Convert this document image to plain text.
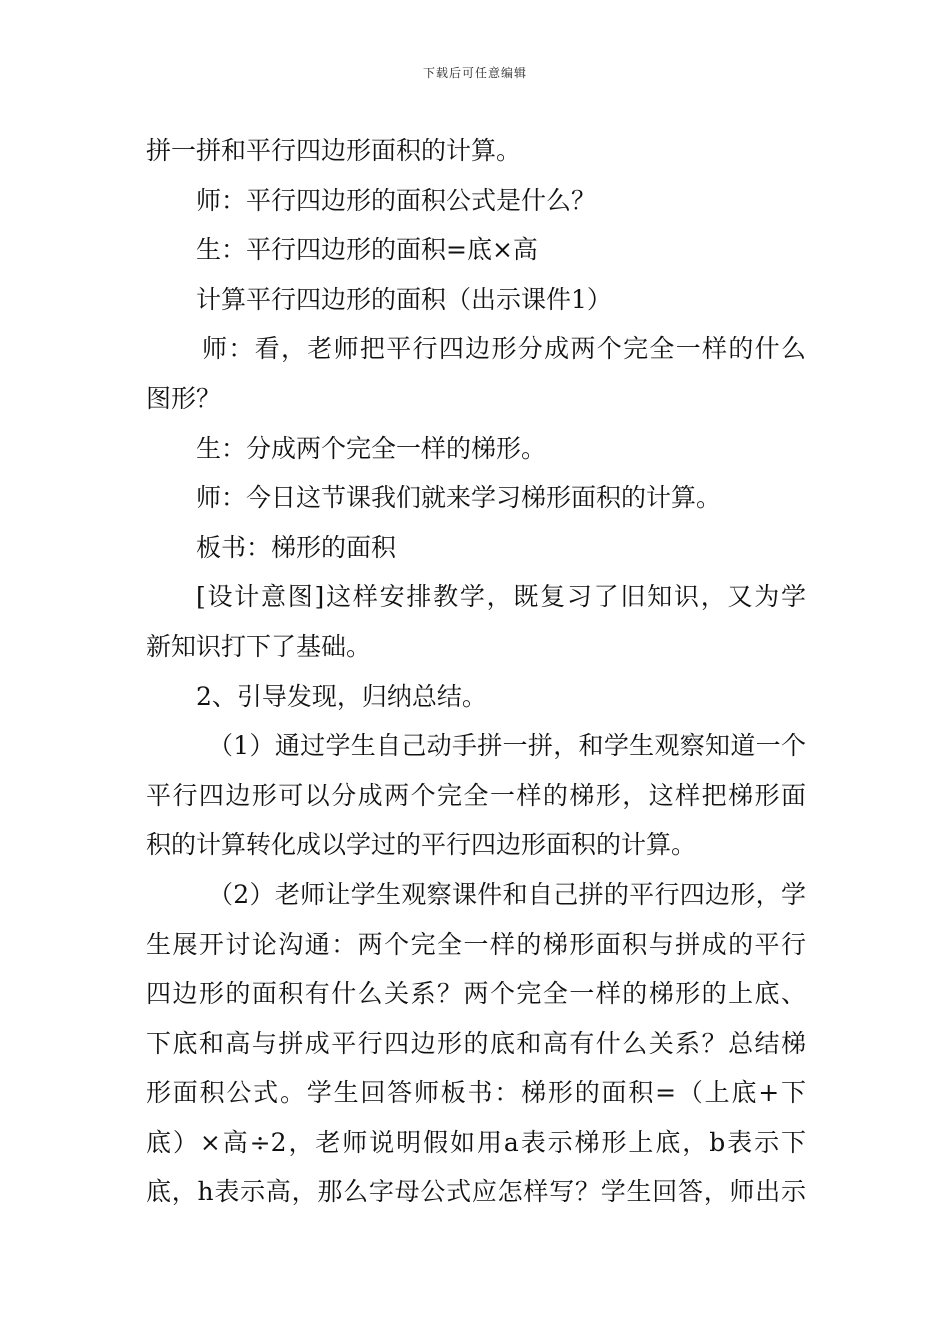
下载后可任意编辑
拼一拼和平行四边形面积的计算。
师：平行四边形的面积公式是什么？
生：平行四边形的面积=底×高
计算平行四边形的面积（出示课件1）
师：看，老师把平行四边形分成两个完全一样的什么
图形？
生：分成两个完全一样的梯形。
师：今日这节课我们就来学习梯形面积的计算。
板书：梯形的面积
[设计意图]这样安排教学，既复习了旧知识，又为学
新知识打下了基础。
2、引导发现，归纳总结。
（1）通过学生自己动手拼一拼，和学生观察知道一个
平行四边形可以分成两个完全一样的梯形，这样把梯形面
积的计算转化成以学过的平行四边形面积的计算。
（2）老师让学生观察课件和自己拼的平行四边形，学
生展开讨论沟通：两个完全一样的梯形面积与拼成的平行
四边形的面积有什么关系？两个完全一样的梯形的上底、
下底和高与拼成平行四边形的底和高有什么关系？总结梯
形面积公式。学生回答师板书：梯形的面积=（上底+下
底）×高÷2，老师说明假如用a表示梯形上底，b表示下
底，h表示高，那么字母公式应怎样写？学生回答，师出示
